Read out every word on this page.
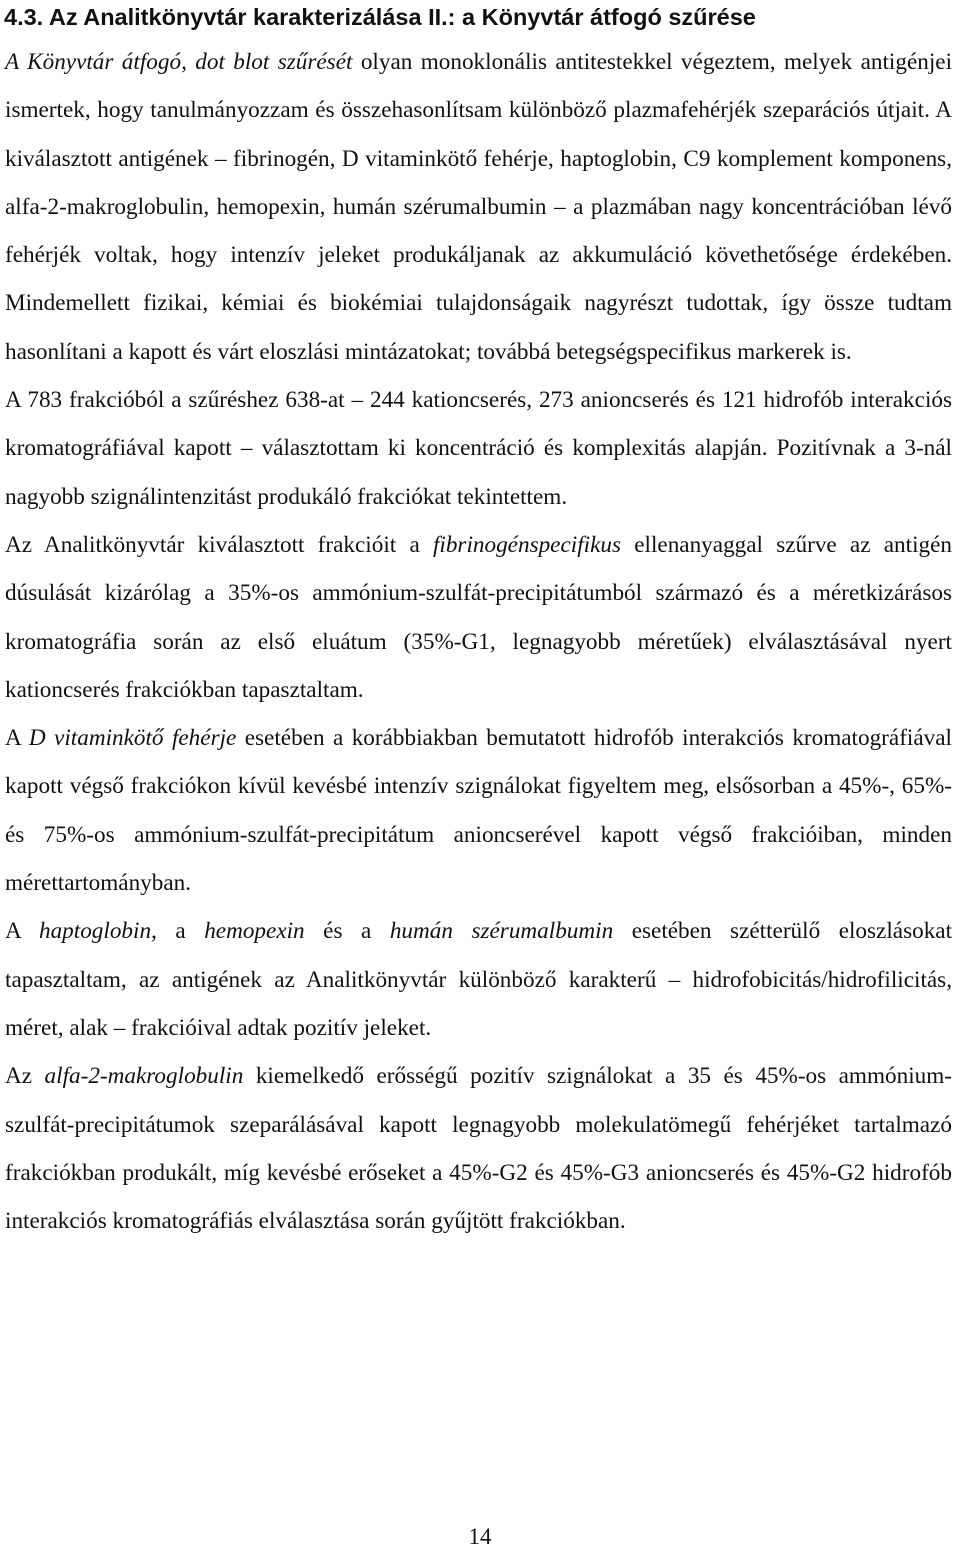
4.3. Az Analitkönyvtár karakterizálása II.: a Könyvtár átfogó szűrése

A Könyvtár átfogó, dot blot szűrését olyan monoklonális antitestekkel végeztem, melyek antigénjei ismertek, hogy tanulmányozzam és összehasonlítsam különböző plazmafehérjék szeparációs útjait. A kiválasztott antigének – fibrinogén, D vitaminkötő fehérje, haptoglobin, C9 komplement komponens, alfa-2-makroglobulin, hemopexin, humán szérumalbumin – a plazmában nagy koncentrációban lévő fehérjék voltak, hogy intenzív jeleket produkáljanak az akkumuláció követhetősége érdekében. Mindemellett fizikai, kémiai és biokémiai tulajdonságaik nagyrészt tudottak, így össze tudtam hasonlítani a kapott és várt eloszlási mintázatokat; továbbá betegségspecifikus markerek is.

A 783 frakcióból a szűréshez 638-at – 244 kationcserés, 273 anioncserés és 121 hidrofób interakciós kromatográfiával kapott – választottam ki koncentráció és komplexitás alapján. Pozitívnak a 3-nál nagyobb szignálintenzitást produkáló frakciókat tekintettem.

Az Analitkönyvtár kiválasztott frakcióit a fibrinogénspecifikus ellenanyaggal szűrve az antigén dúsulását kizárólag a 35%-os ammónium-szulfát-precipitátumból származó és a méretkizárásos kromatográfia során az első eluátum (35%-G1, legnagyobb méretűek) elválasztásával nyert kationcserés frakciókban tapasztaltam.

A D vitaminkötő fehérje esetében a korábbiakban bemutatott hidrofób interakciós kromatográfiával kapott végső frakciókon kívül kevésbé intenzív szignálokat figyeltem meg, elsősorban a 45%-, 65%- és 75%-os ammónium-szulfát-precipitátum anioncserével kapott végső frakcióiban, minden mérettartományban.

A haptoglobin, a hemopexin és a humán szérumalbumin esetében szétterülő eloszlásokat tapasztaltam, az antigének az Analitkönyvtár különböző karakterű – hidrofobicitás/hidrofilicitás, méret, alak – frakcióival adtak pozitív jeleket.

Az alfa-2-makroglobulin kiemelkedő erősségű pozitív szignálokat a 35 és 45%-os ammónium-szulfát-precipitátumok szeparálásával kapott legnagyobb molekulatömegű fehérjéket tartalmazó frakciókban produkált, míg kevésbé erőseket a 45%-G2 és 45%-G3 anioncserés és 45%-G2 hidrofób interakciós kromatográfiás elválasztása során gyűjtött frakciókban.

14
